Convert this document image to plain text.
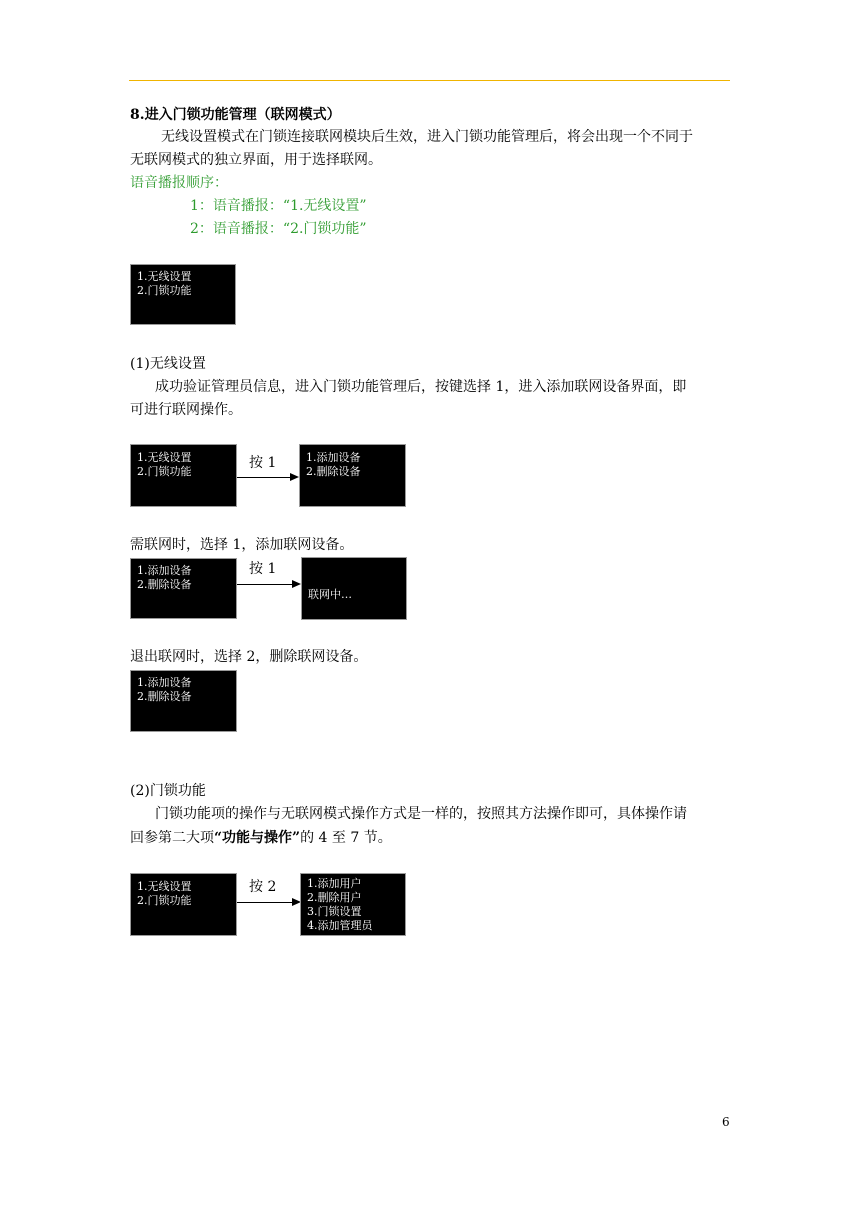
8.进入门锁功能管理（联网模式）
无线设置模式在门锁连接联网模块后生效，进入门锁功能管理后，将会出现一个不同于
无联网模式的独立界面，用于选择联网。
语音播报顺序：
1：语音播报：“1.无线设置”
2：语音播报：“2.门锁功能”
1.无线设置
2.门锁功能
(1)无线设置
成功验证管理员信息，进入门锁功能管理后，按键选择 1，进入添加联网设备界面，即
可进行联网操作。
1.无线设置
2.门锁功能
按 1	1.添加设备
2.删除设备
需联网时，选择 1，添加联网设备。
1.添加设备
2.删除设备
按 1
联网中…
退出联网时，选择 2，删除联网设备。
1.添加设备
2.删除设备
(2)门锁功能
门锁功能项的操作与无联网模式操作方式是一样的，按照其方法操作即可，具体操作请
回参第二大项“功能与操作”的 4 至 7 节。
1.无线设置
2.门锁功能
按 2	1.添加用户
2.删除用户
3.门锁设置
4.添加管理员
6
